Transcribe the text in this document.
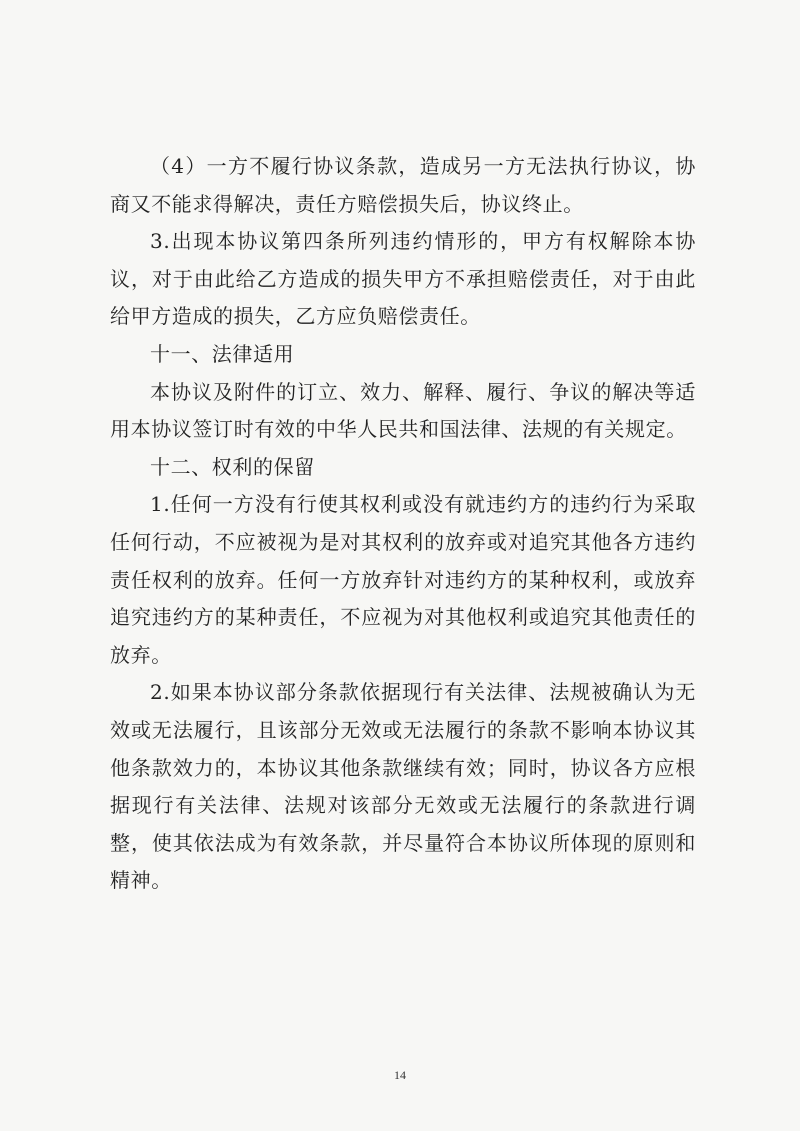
（4）一方不履行协议条款，造成另一方无法执行协议，协商又不能求得解决，责任方赔偿损失后，协议终止。

3.出现本协议第四条所列违约情形的，甲方有权解除本协议，对于由此给乙方造成的损失甲方不承担赔偿责任，对于由此给甲方造成的损失，乙方应负赔偿责任。

十一、法律适用

本协议及附件的订立、效力、解释、履行、争议的解决等适用本协议签订时有效的中华人民共和国法律、法规的有关规定。

十二、权利的保留

1.任何一方没有行使其权利或没有就违约方的违约行为采取任何行动，不应被视为是对其权利的放弃或对追究其他各方违约责任权利的放弃。任何一方放弃针对违约方的某种权利，或放弃追究违约方的某种责任，不应视为对其他权利或追究其他责任的放弃。

2.如果本协议部分条款依据现行有关法律、法规被确认为无效或无法履行，且该部分无效或无法履行的条款不影响本协议其他条款效力的，本协议其他条款继续有效；同时，协议各方应根据现行有关法律、法规对该部分无效或无法履行的条款进行调整，使其依法成为有效条款，并尽量符合本协议所体现的原则和精神。

14
